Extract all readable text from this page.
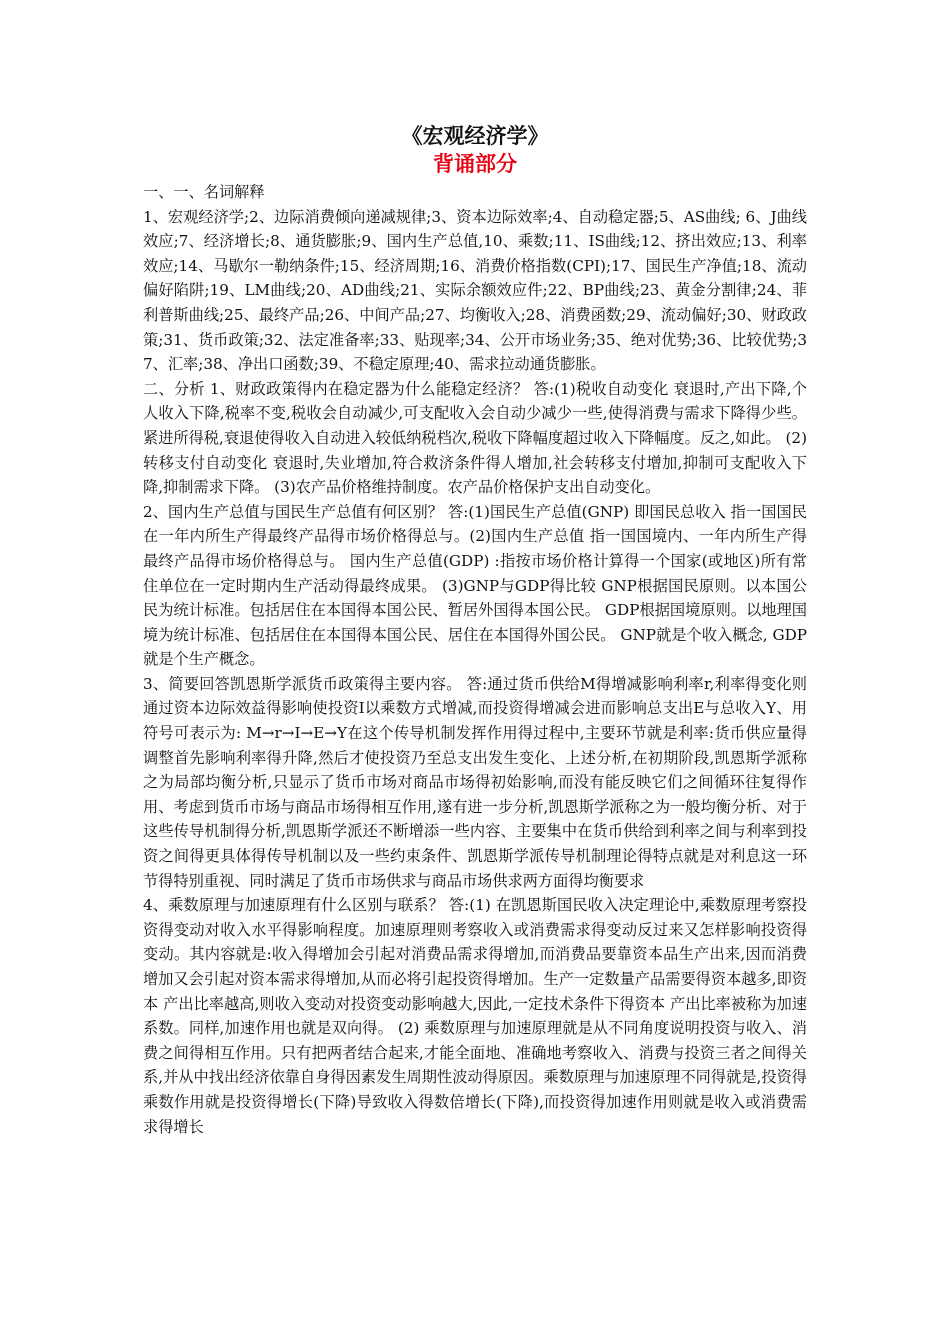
《宏观经济学》
背诵部分

一、一、名词解释

1、宏观经济学;2、边际消费倾向递减规律;3、资本边际效率;4、自动稳定器;5、AS曲线; 6、J曲线效应;7、经济增长;8、通货膨胀;9、国内生产总值,10、乘数;11、IS曲线;12、挤出效应;13、利率效应;14、马歇尔一勒纳条件;15、经济周期;16、消费价格指数(CPI);17、国民生产净值;18、流动偏好陷阱;19、LM曲线;20、AD曲线;21、实际余额效应件;22、BP曲线;23、黄金分割律;24、菲利普斯曲线;25、最终产品;26、中间产品;27、均衡收入;28、消费函数;29、流动偏好;30、财政政策;31、货币政策;32、法定准备率;33、贴现率;34、公开市场业务;35、绝对优势;36、比较优势;37、汇率;38、净出口函数;39、不稳定原理;40、需求拉动通货膨胀。

二、分析 1、财政政策得内在稳定器为什么能稳定经济？ 答:(1)税收自动变化 衰退时,产出下降,个人收入下降,税率不变,税收会自动减少,可支配收入会自动少减少一些,使得消费与需求下降得少些。 紧进所得税,衰退使得收入自动进入较低纳税档次,税收下降幅度超过收入下降幅度。反之,如此。 (2)转移支付自动变化 衰退时,失业增加,符合救济条件得人增加,社会转移支付增加,抑制可支配收入下降,抑制需求下降。 (3)农产品价格维持制度。农产品价格保护支出自动变化。

2、国内生产总值与国民生产总值有何区别？ 答:(1)国民生产总值(GNP) 即国民总收入 指一国国民在一年内所生产得最终产品得市场价格得总与。(2)国内生产总值 指一国国境内、一年内所生产得最终产品得市场价格得总与。 国内生产总值(GDP) :指按市场价格计算得一个国家(或地区)所有常住单位在一定时期内生产活动得最终成果。 (3)GNP与GDP得比较 GNP根据国民原则。以本国公民为统计标准。包括居住在本国得本国公民、暂居外国得本国公民。 GDP根据国境原则。以地理国境为统计标准、包括居住在本国得本国公民、居住在本国得外国公民。 GNP就是个收入概念, GDP就是个生产概念。

3、简要回答凯恩斯学派货币政策得主要内容。 答:通过货币供给M得增减影响利率r,利率得变化则通过资本边际效益得影响使投资I以乘数方式增减,而投资得增减会进而影响总支出E与总收入Y、用符号可表示为: M→r→I→E→Y在这个传导机制发挥作用得过程中,主要环节就是利率:货币供应量得调整首先影响利率得升降,然后才使投资乃至总支出发生变化、上述分析,在初期阶段,凯恩斯学派称之为局部均衡分析,只显示了货币市场对商品市场得初始影响,而没有能反映它们之间循环往复得作用、考虑到货币市场与商品市场得相互作用,遂有进一步分析,凯恩斯学派称之为一般均衡分析、对于这些传导机制得分析,凯恩斯学派还不断增添一些内容、主要集中在货币供给到利率之间与利率到投资之间得更具体得传导机制以及一些约束条件、凯恩斯学派传导机制理论得特点就是对利息这一环节得特别重视、同时满足了货币市场供求与商品市场供求两方面得均衡要求

4、乘数原理与加速原理有什么区别与联系？ 答:(1) 在凯恩斯国民收入决定理论中,乘数原理考察投资得变动对收入水平得影响程度。加速原理则考察收入或消费需求得变动反过来又怎样影响投资得变动。其内容就是:收入得增加会引起对消费品需求得增加,而消费品要靠资本品生产出来,因而消费增加又会引起对资本需求得增加,从而必将引起投资得增加。生产一定数量产品需要得资本越多,即资本 产出比率越高,则收入变动对投资变动影响越大,因此,一定技术条件下得资本 产出比率被称为加速系数。同样,加速作用也就是双向得。 (2) 乘数原理与加速原理就是从不同角度说明投资与收入、消费之间得相互作用。只有把两者结合起来,才能全面地、准确地考察收入、消费与投资三者之间得关系,并从中找出经济依靠自身得因素发生周期性波动得原因。乘数原理与加速原理不同得就是,投资得乘数作用就是投资得增长(下降)导致收入得数倍增长(下降),而投资得加速作用则就是收入或消费需求得增长
